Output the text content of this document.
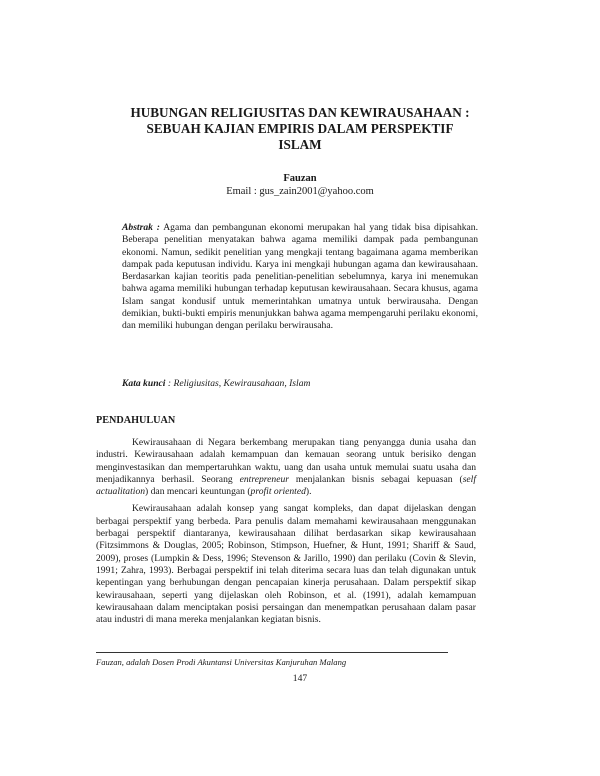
HUBUNGAN RELIGIUSITAS DAN KEWIRAUSAHAAN :
SEBUAH KAJIAN EMPIRIS DALAM PERSPEKTIF
ISLAM
Fauzan
Email : gus_zain2001@yahoo.com
Abstrak : Agama dan pembangunan ekonomi merupakan hal yang tidak bisa dipisahkan. Beberapa penelitian menyatakan bahwa agama memiliki dampak pada pembangunan ekonomi. Namun, sedikit penelitian yang mengkaji tentang bagaimana agama memberikan dampak pada keputusan individu. Karya ini mengkaji hubungan agama dan kewirausahaan. Berdasarkan kajian teoritis pada penelitian-penelitian sebelumnya, karya ini menemukan bahwa agama memiliki hubungan terhadap keputusan kewirausahaan. Secara khusus, agama Islam sangat kondusif untuk memerintahkan umatnya untuk berwirausaha. Dengan demikian, bukti-bukti empiris menunjukkan bahwa agama mempengaruhi perilaku ekonomi, dan memiliki hubungan dengan perilaku berwirausaha.
Kata kunci : Religiusitas, Kewirausahaan, Islam
PENDAHULUAN

Kewirausahaan di Negara berkembang merupakan tiang penyangga dunia usaha dan industri. Kewirausahaan adalah kemampuan dan kemauan seorang untuk berisiko dengan menginvestasikan dan mempertaruhkan waktu, uang dan usaha untuk memulai suatu usaha dan menjadikannya berhasil. Seorang entrepreneur menjalankan bisnis sebagai kepuasan (self actualitation) dan mencari keuntungan (profit oriented).

Kewirausahaan adalah konsep yang sangat kompleks, dan dapat dijelaskan dengan berbagai perspektif yang berbeda. Para penulis dalam memahami kewirausahaan menggunakan berbagai perspektif diantaranya, kewirausahaan dilihat berdasarkan sikap kewirausahaan (Fitzsimmons & Douglas, 2005; Robinson, Stimpson, Huefner, & Hunt, 1991; Shariff & Saud, 2009), proses (Lumpkin & Dess, 1996; Stevenson & Jarillo, 1990) dan perilaku (Covin & Slevin, 1991; Zahra, 1993). Berbagai perspektif ini telah diterima secara luas dan telah digunakan untuk kepentingan yang berhubungan dengan pencapaian kinerja perusahaan. Dalam perspektif sikap kewirausahaan, seperti yang dijelaskan oleh Robinson, et al. (1991), adalah kemampuan kewirausahaan dalam menciptakan posisi persaingan dan menempatkan perusahaan dalam pasar atau industri di mana mereka menjalankan kegiatan bisnis.

Fauzan, adalah Dosen Prodi Akuntansi Universitas Kanjuruhan Malang
147
